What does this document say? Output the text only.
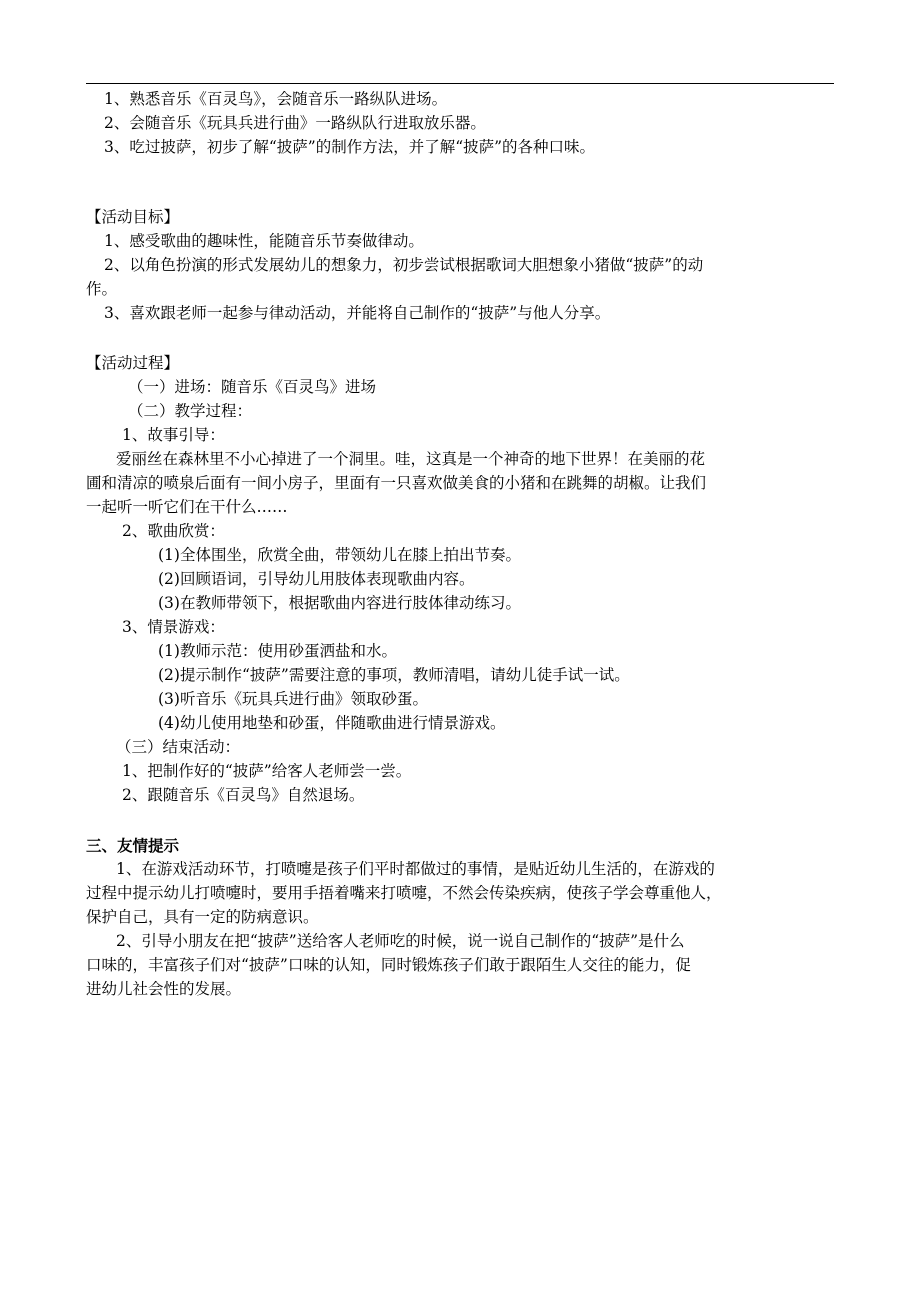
1、熟悉音乐《百灵鸟》，会随音乐一路纵队进场。
2、会随音乐《玩具兵进行曲》一路纵队行进取放乐器。
3、吃过披萨，初步了解“披萨”的制作方法，并了解“披萨”的各种口味。
【活动目标】
1、感受歌曲的趣味性，能随音乐节奏做律动。
2、以角色扮演的形式发展幼儿的想象力，初步尝试根据歌词大胆想象小猪做“披萨”的动
作。
3、喜欢跟老师一起参与律动活动，并能将自己制作的“披萨”与他人分享。
【活动过程】
（一）进场：随音乐《百灵鸟》进场
（二）教学过程：
1、故事引导：
爱丽丝在森林里不小心掉进了一个洞里。哇，这真是一个神奇的地下世界！在美丽的花
圃和清凉的喷泉后面有一间小房子，里面有一只喜欢做美食的小猪和在跳舞的胡椒。让我们
一起听一听它们在干什么……
2、歌曲欣赏：
(1)全体围坐，欣赏全曲，带领幼儿在膝上拍出节奏。
(2)回顾语词，引导幼儿用肢体表现歌曲内容。
(3)在教师带领下，根据歌曲内容进行肢体律动练习。
3、情景游戏：
(1)教师示范：使用砂蛋洒盐和水。
(2)提示制作“披萨”需要注意的事项，教师清唱，请幼儿徒手试一试。
(3)听音乐《玩具兵进行曲》领取砂蛋。
(4)幼儿使用地垫和砂蛋，伴随歌曲进行情景游戏。
（三）结束活动：
1、把制作好的“披萨”给客人老师尝一尝。
2、跟随音乐《百灵鸟》自然退场。
三、友情提示
1、在游戏活动环节，打喷嚏是孩子们平时都做过的事情，是贴近幼儿生活的，在游戏的
过程中提示幼儿打喷嚏时，要用手捂着嘴来打喷嚏，不然会传染疾病，使孩子学会尊重他人，
保护自己，具有一定的防病意识。
2、引导小朋友在把“披萨”送给客人老师吃的时候，说一说自己制作的“披萨”是什么
口味的，丰富孩子们对“披萨”口味的认知，同时锻炼孩子们敢于跟陌生人交往的能力，促
进幼儿社会性的发展。
